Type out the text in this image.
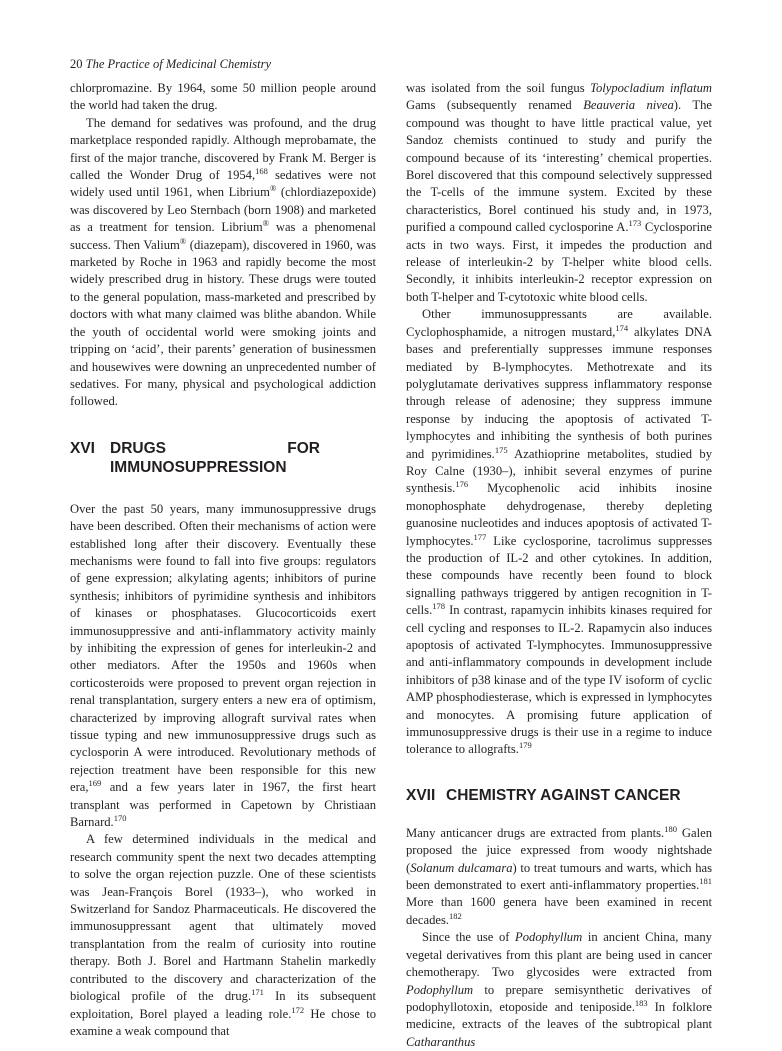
20 The Practice of Medicinal Chemistry

chlorpromazine. By 1964, some 50 million people around the world had taken the drug.

The demand for sedatives was profound, and the drug marketplace responded rapidly. Although meprobamate, the first of the major tranche, discovered by Frank M. Berger is called the Wonder Drug of 1954,$^{168}$ sedatives were not widely used until 1961, when Librium® (chlordiazepoxide) was discovered by Leo Sternbach (born 1908) and marketed as a treatment for tension. Librium® was a phenomenal success. Then Valium® (diazepam), discovered in 1960, was marketed by Roche in 1963 and rapidly become the most widely prescribed drug in history. These drugs were touted to the general population, mass-marketed and prescribed by doctors with what many claimed was blithe abandon. While the youth of occidental world were smoking joints and tripping on ‘acid’, their parents’ generation of businessmen and housewives were downing an unprecedented number of sedatives. For many, physical and psychological addiction followed.

XVI DRUGS FOR IMMUNOSUPPRESSION

Over the past 50 years, many immunosuppressive drugs have been described. Often their mechanisms of action were established long after their discovery. Eventually these mechanisms were found to fall into five groups: regulators of gene expression; alkylating agents; inhibitors of purine synthesis; inhibitors of pyrimidine synthesis and inhibitors of kinases or phosphatases. Glucocorticoids exert immunosuppressive and anti-inflammatory activity mainly by inhibiting the expression of genes for interleukin-2 and other mediators. After the 1950s and 1960s when corticosteroids were proposed to prevent organ rejection in renal transplantation, surgery enters a new era of optimism, characterized by improving allograft survival rates when tissue typing and new immunosuppressive drugs such as cyclosporin A were introduced. Revolutionary methods of rejection treatment have been responsible for this new era,$^{169}$ and a few years later in 1967, the first heart transplant was performed in Capetown by Christiaan Barnard.$^{170}$

A few determined individuals in the medical and research community spent the next two decades attempting to solve the organ rejection puzzle. One of these scientists was Jean-François Borel (1933–), who worked in Switzerland for Sandoz Pharmaceuticals. He discovered the immunosuppressant agent that ultimately moved transplantation from the realm of curiosity into routine therapy. Both J. Borel and Hartmann Stahelin markedly contributed to the discovery and characterization of the biological profile of the drug.$^{171}$ In its subsequent exploitation, Borel played a leading role.$^{172}$ He chose to examine a weak compound that

was isolated from the soil fungus Tolypocladium inflatum Gams (subsequently renamed Beauveria nivea). The compound was thought to have little practical value, yet Sandoz chemists continued to study and purify the compound because of its ‘interesting’ chemical properties. Borel discovered that this compound selectively suppressed the T-cells of the immune system. Excited by these characteristics, Borel continued his study and, in 1973, purified a compound called cyclosporine A.$^{173}$ Cyclosporine acts in two ways. First, it impedes the production and release of interleukin-2 by T-helper white blood cells. Secondly, it inhibits interleukin-2 receptor expression on both T-helper and T-cytotoxic white blood cells.

Other immunosuppressants are available. Cyclophosphamide, a nitrogen mustard,$^{174}$ alkylates DNA bases and preferentially suppresses immune responses mediated by B-lymphocytes. Methotrexate and its polyglutamate derivatives suppress inflammatory response through release of adenosine; they suppress immune response by inducing the apoptosis of activated T-lymphocytes and inhibiting the synthesis of both purines and pyrimidines.$^{175}$ Azathioprine metabolites, studied by Roy Calne (1930–), inhibit several enzymes of purine synthesis.$^{176}$ Mycophenolic acid inhibits inosine monophosphate dehydrogenase, thereby depleting guanosine nucleotides and induces apoptosis of activated T-lymphocytes.$^{177}$ Like cyclosporine, tacrolimus suppresses the production of IL-2 and other cytokines. In addition, these compounds have recently been found to block signalling pathways triggered by antigen recognition in T-cells.$^{178}$ In contrast, rapamycin inhibits kinases required for cell cycling and responses to IL-2. Rapamycin also induces apoptosis of activated T-lymphocytes. Immunosuppressive and anti-inflammatory compounds in development include inhibitors of p38 kinase and of the type IV isoform of cyclic AMP phosphodiesterase, which is expressed in lymphocytes and monocytes. A promising future application of immunosuppressive drugs is their use in a regime to induce tolerance to allografts.$^{179}$

XVII CHEMISTRY AGAINST CANCER

Many anticancer drugs are extracted from plants.$^{180}$ Galen proposed the juice expressed from woody nightshade (Solanum dulcamara) to treat tumours and warts, which has been demonstrated to exert anti-inflammatory properties.$^{181}$ More than 1600 genera have been examined in recent decades.$^{182}$

Since the use of Podophyllum in ancient China, many vegetal derivatives from this plant are being used in cancer chemotherapy. Two glycosides were extracted from Podophyllum to prepare semisynthetic derivatives of podophyllotoxin, etoposide and teniposide.$^{183}$ In folklore medicine, extracts of the leaves of the subtropical plant Catharanthus
